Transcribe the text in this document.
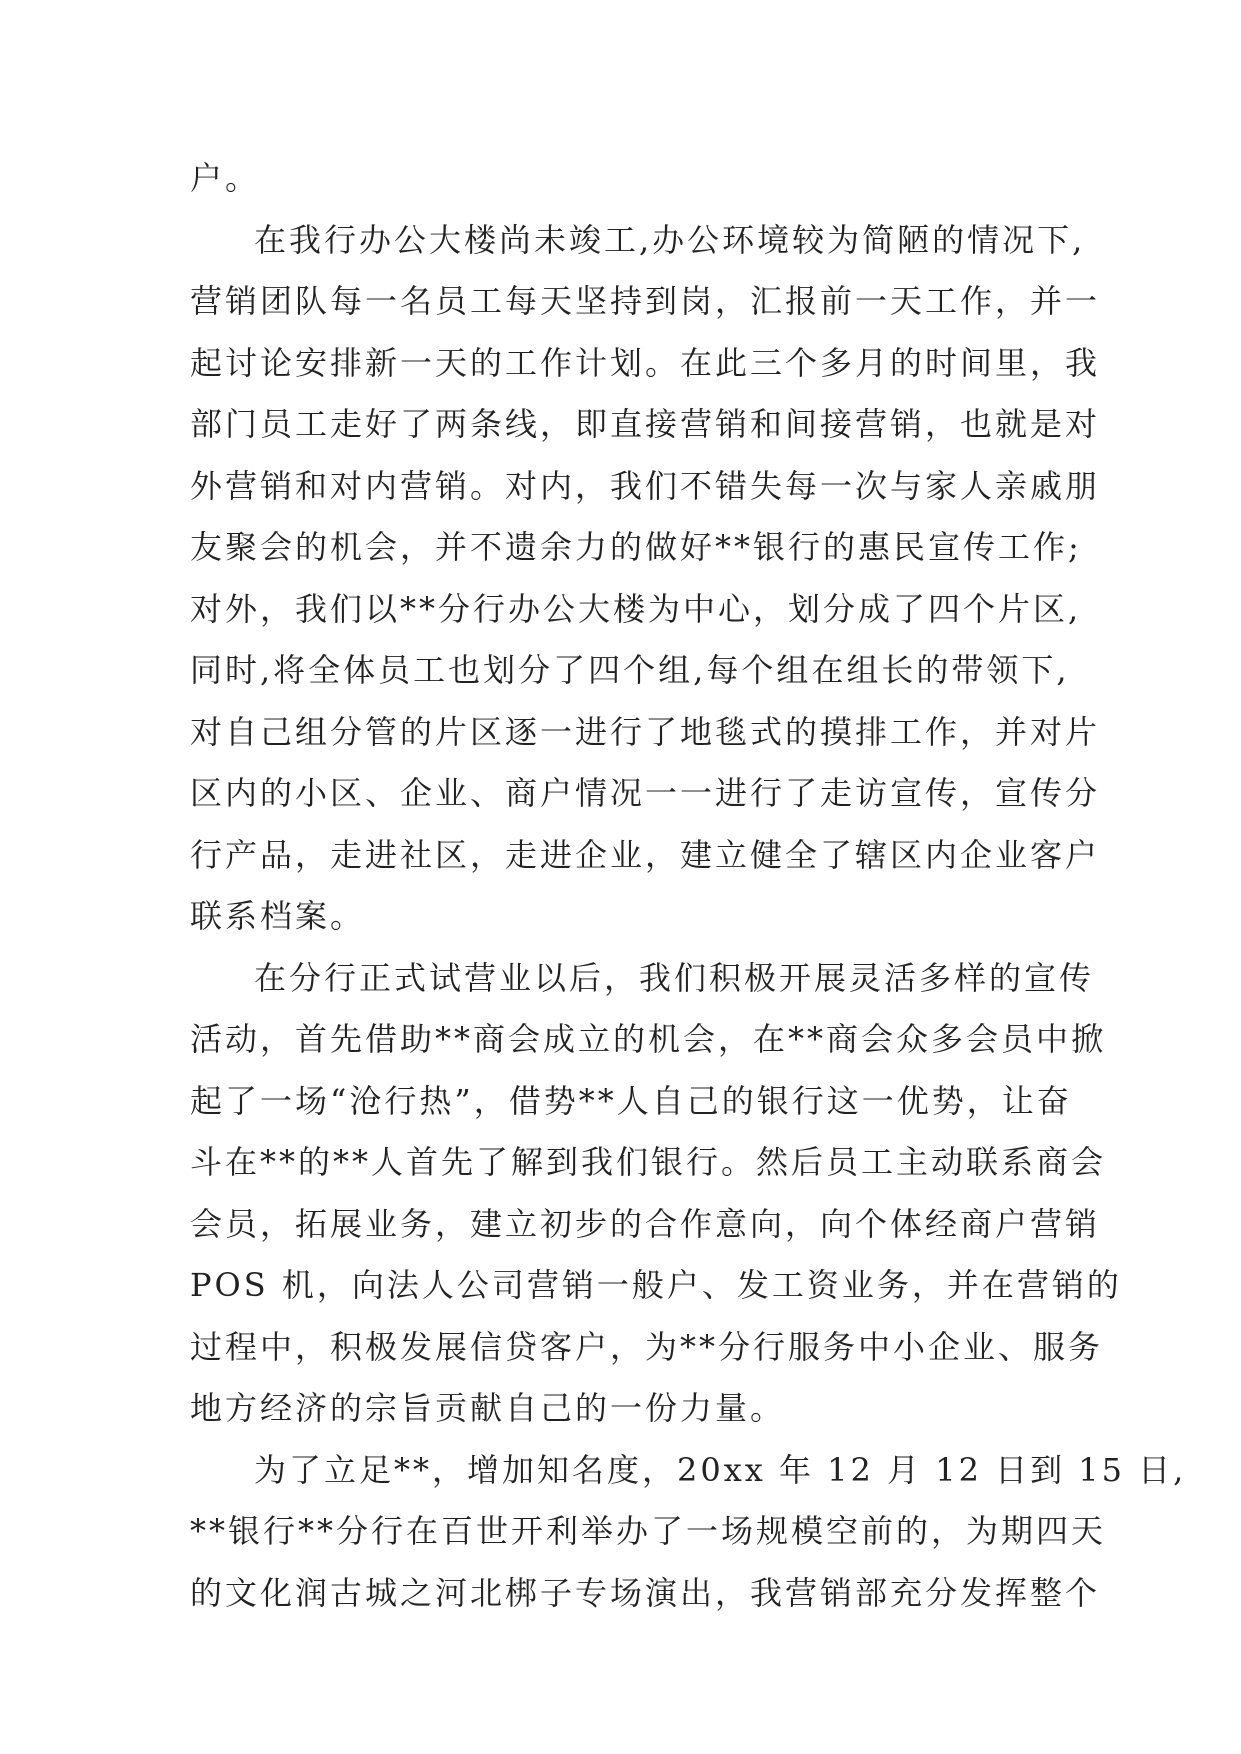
户。
在我行办公大楼尚未竣工,办公环境较为简陋的情况下,
营销团队每一名员工每天坚持到岗，汇报前一天工作，并一
起讨论安排新一天的工作计划。在此三个多月的时间里，我
部门员工走好了两条线，即直接营销和间接营销，也就是对
外营销和对内营销。对内，我们不错失每一次与家人亲戚朋
友聚会的机会，并不遗余力的做好**银行的惠民宣传工作;
对外，我们以**分行办公大楼为中心，划分成了四个片区,
同时,将全体员工也划分了四个组,每个组在组长的带领下,
对自己组分管的片区逐一进行了地毯式的摸排工作，并对片
区内的小区、企业、商户情况一一进行了走访宣传，宣传分
行产品，走进社区，走进企业，建立健全了辖区内企业客户
联系档案。
在分行正式试营业以后，我们积极开展灵活多样的宣传
活动，首先借助**商会成立的机会，在**商会众多会员中掀
起了一场“沧行热”，借势**人自己的银行这一优势，让奋
斗在**的**人首先了解到我们银行。然后员工主动联系商会
会员，拓展业务，建立初步的合作意向，向个体经商户营销
POS 机，向法人公司营销一般户、发工资业务，并在营销的
过程中，积极发展信贷客户，为**分行服务中小企业、服务
地方经济的宗旨贡献自己的一份力量。
为了立足**，增加知名度，20xx 年 12 月 12 日到 15 日,
**银行**分行在百世开利举办了一场规模空前的，为期四天
的文化润古城之河北梆子专场演出，我营销部充分发挥整个
